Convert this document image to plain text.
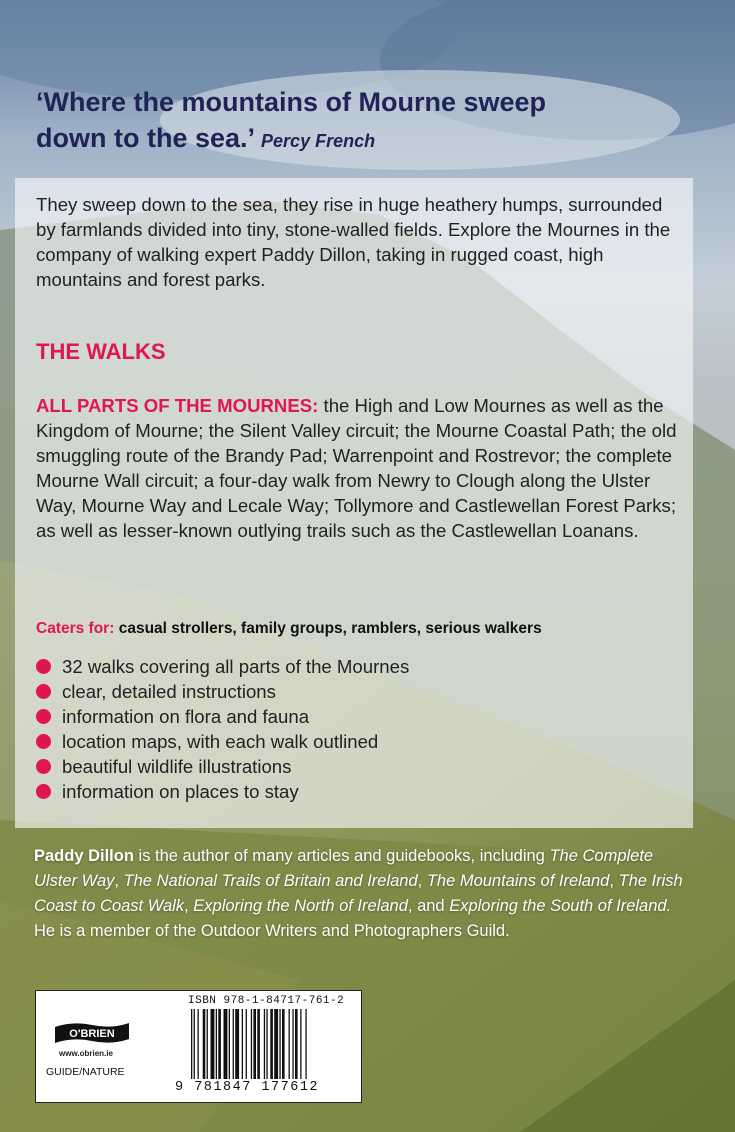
‘Where the mountains of Mourne sweep
down to the sea.’ Percy French
They sweep down to the sea, they rise in huge heathery humps, surrounded by farmlands divided into tiny, stone-walled fields. Explore the Mournes in the company of walking expert Paddy Dillon, taking in rugged coast, high mountains and forest parks.
THE WALKS
ALL PARTS OF THE MOURNES: the High and Low Mournes as well as the Kingdom of Mourne; the Silent Valley circuit; the Mourne Coastal Path; the old smuggling route of the Brandy Pad; Warrenpoint and Rostrevor; the complete Mourne Wall circuit; a four-day walk from Newry to Clough along the Ulster Way, Mourne Way and Lecale Way; Tollymore and Castlewellan Forest Parks; as well as lesser-known outlying trails such as the Castlewellan Loanans.
Caters for: casual strollers, family groups, ramblers, serious walkers
32 walks covering all parts of the Mournes
clear, detailed instructions
information on flora and fauna
location maps, with each walk outlined
beautiful wildlife illustrations
information on places to stay
Paddy Dillon is the author of many articles and guidebooks, including The Complete Ulster Way, The National Trails of Britain and Ireland, The Mountains of Ireland, The Irish Coast to Coast Walk, Exploring the North of Ireland, and Exploring the South of Ireland. He is a member of the Outdoor Writers and Photographers Guild.
O'BRIEN
www.obrien.ie
GUIDE/NATURE
ISBN 978-1-84717-761-2
9 781847 177612
